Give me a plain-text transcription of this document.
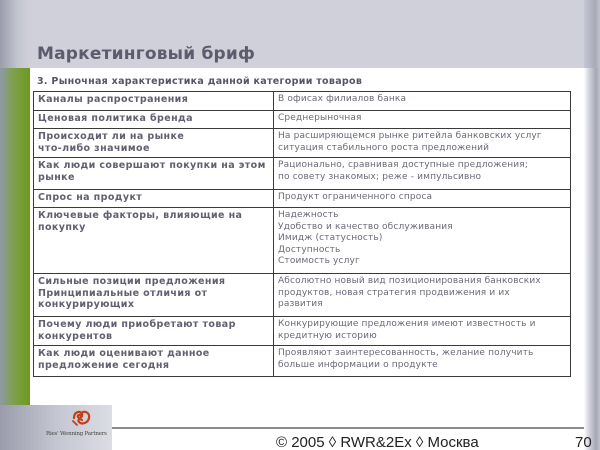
Маркетинговый бриф
3. Рыночная характеристика данной категории товаров
Каналы распространения	В офисах филиалов банка

Ценовая политика бренда	Среднерыночная

Происходит ли на рынке
что-либо значимое	На расширяющемся рынке ритейла банковских услуг
ситуация стабильного роста предложений

Как люди совершают покупки на этом
рынке	Рационально, сравнивая доступные предложения;
по совету знакомых; реже - импульсивно

Спрос на продукт	Продукт ограниченного спроса

Ключевые факторы, влияющие на
покупку	Надежность
Удобство и качество обслуживания
Имидж (статусность)
Доступность
Стоимость услуг

Сильные позиции предложения
Принципиальные отличия от
конкурирующих	Абсолютно новый вид позиционирования банковских
продуктов, новая стратегия продвижения и их
развития

Почему люди приобретают товар
конкурентов	Конкурирующие предложения имеют известность и
кредитную историю

Как люди оценивают данное
предложение сегодня	Проявляют заинтересованность, желание получить
больше информации о продукте
© 2005 ◊ RWR&2Ex ◊ Москва	70
Ries' Wenning Partners
